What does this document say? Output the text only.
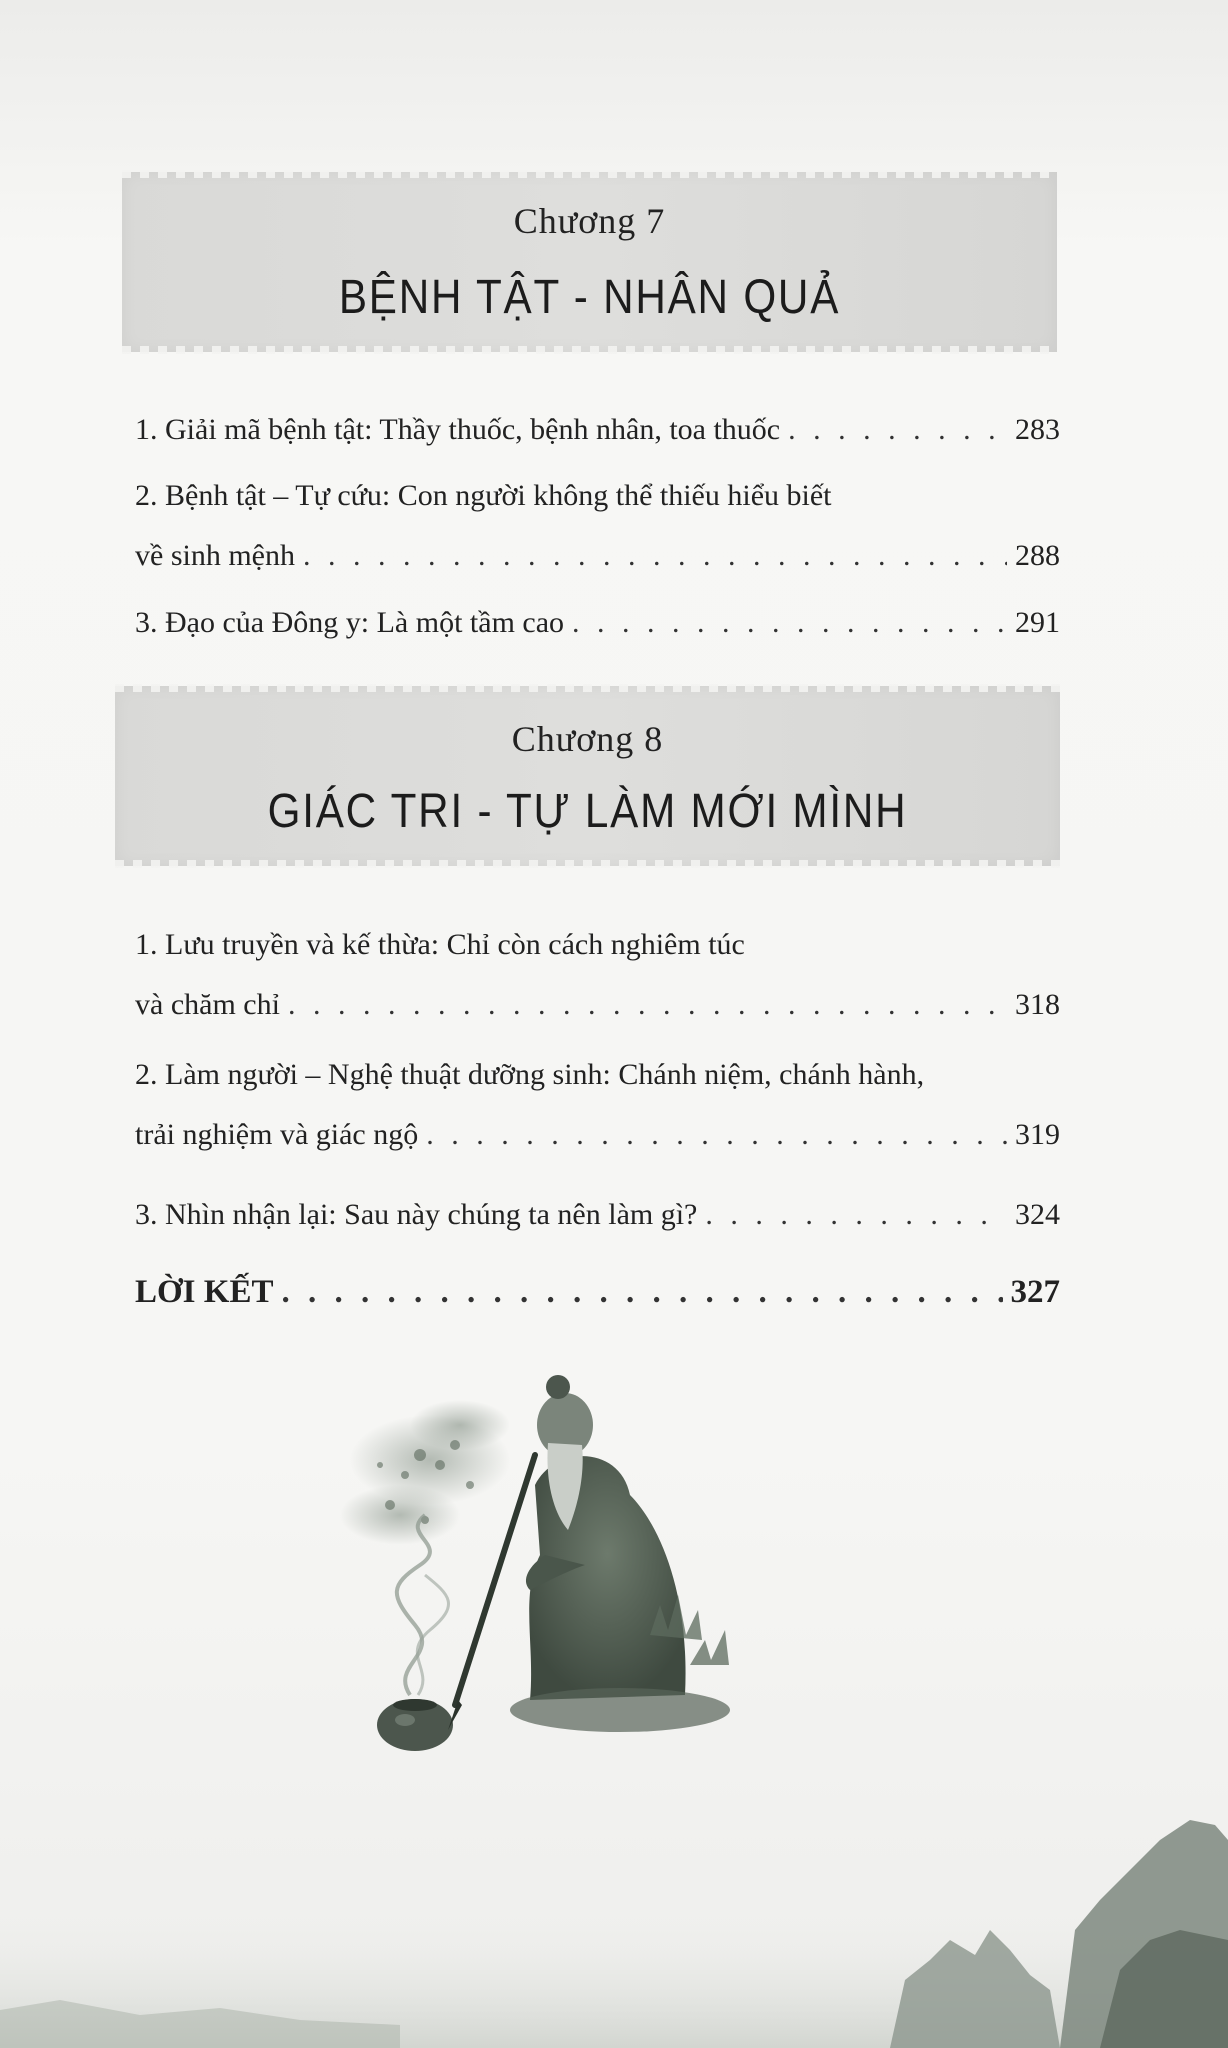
Chương 7
BỆNH TẬT - NHÂN QUẢ
1. Giải mã bệnh tật: Thầy thuốc, bệnh nhân, toa thuốc . . .	283
2. Bệnh tật – Tự cứu: Con người không thể thiếu hiểu biết
về sinh mệnh . . .	288
3. Đạo của Đông y: Là một tầm cao . . .	291
Chương 8
GIÁC TRI - TỰ LÀM MỚI MÌNH
1. Lưu truyền và kế thừa: Chỉ còn cách nghiêm túc
và chăm chỉ . . .	318
2. Làm người – Nghệ thuật dưỡng sinh: Chánh niệm, chánh hành,
trải nghiệm và giác ngộ . . .	319
3. Nhìn nhận lại: Sau này chúng ta nên làm gì? . . .	324
LỜI KẾT . . .	327
